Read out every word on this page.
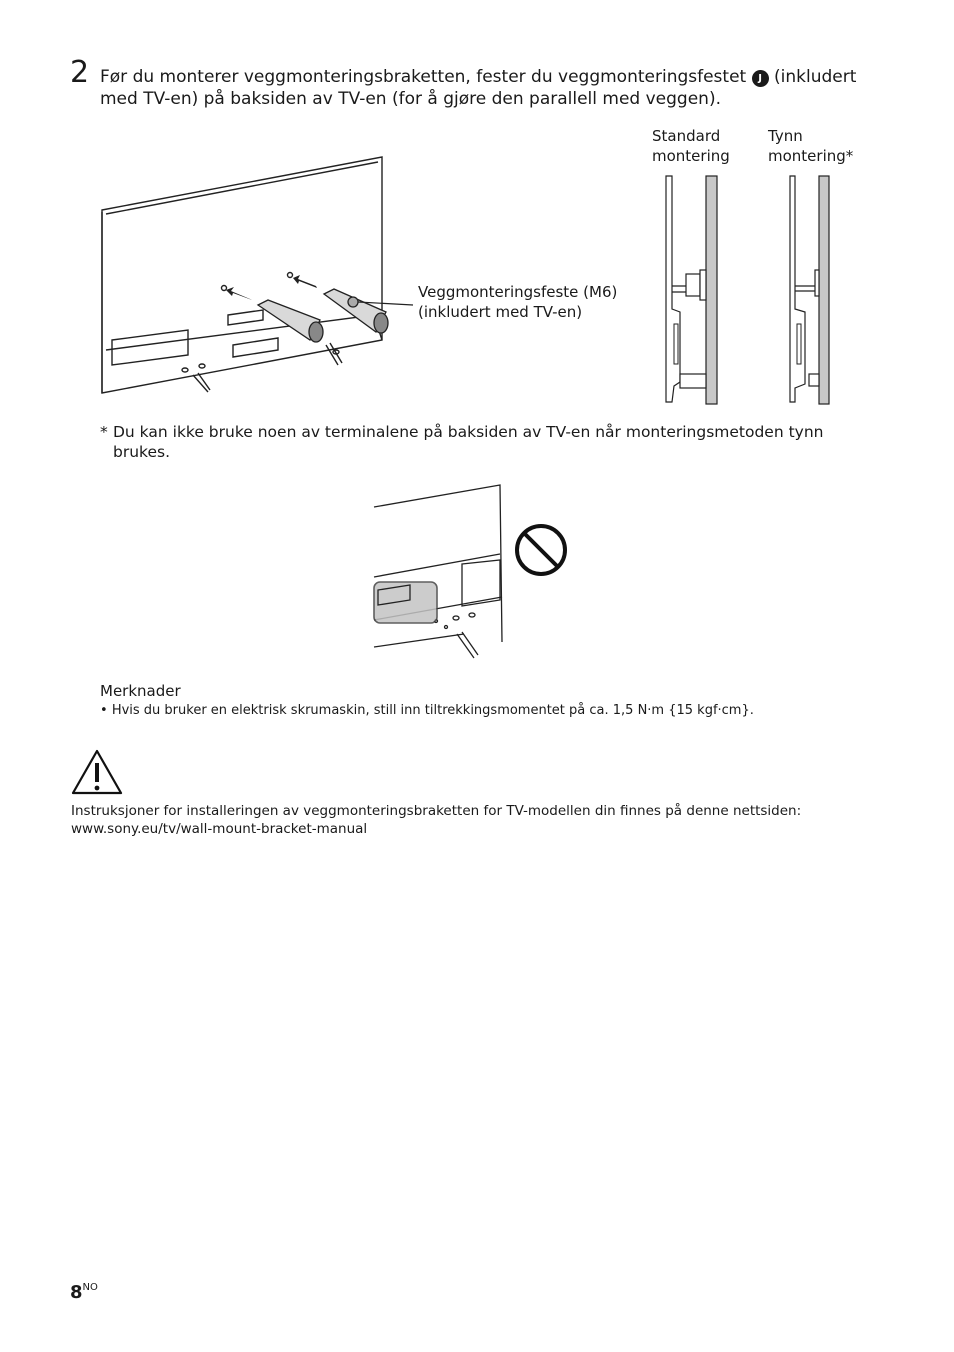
2 Før du monterer veggmonteringsbraketten, fester du veggmonteringsfestet J (inkludert med TV-en) på baksiden av TV-en (for å gjøre den parallell med veggen).
Veggmonteringsfeste (M6)
(inkludert med TV-en)
Standard
montering
Tynn
montering*
* Du kan ikke bruke noen av terminalene på baksiden av TV-en når monteringsmetoden tynn brukes.
Merknader
• Hvis du bruker en elektrisk skrumaskin, still inn tiltrekkingsmomentet på ca. 1,5 N·m {15 kgf·cm}.
Instruksjoner for installeringen av veggmonteringsbraketten for TV-modellen din finnes på denne nettsiden:
www.sony.eu/tv/wall-mount-bracket-manual
$8^{NO}$
